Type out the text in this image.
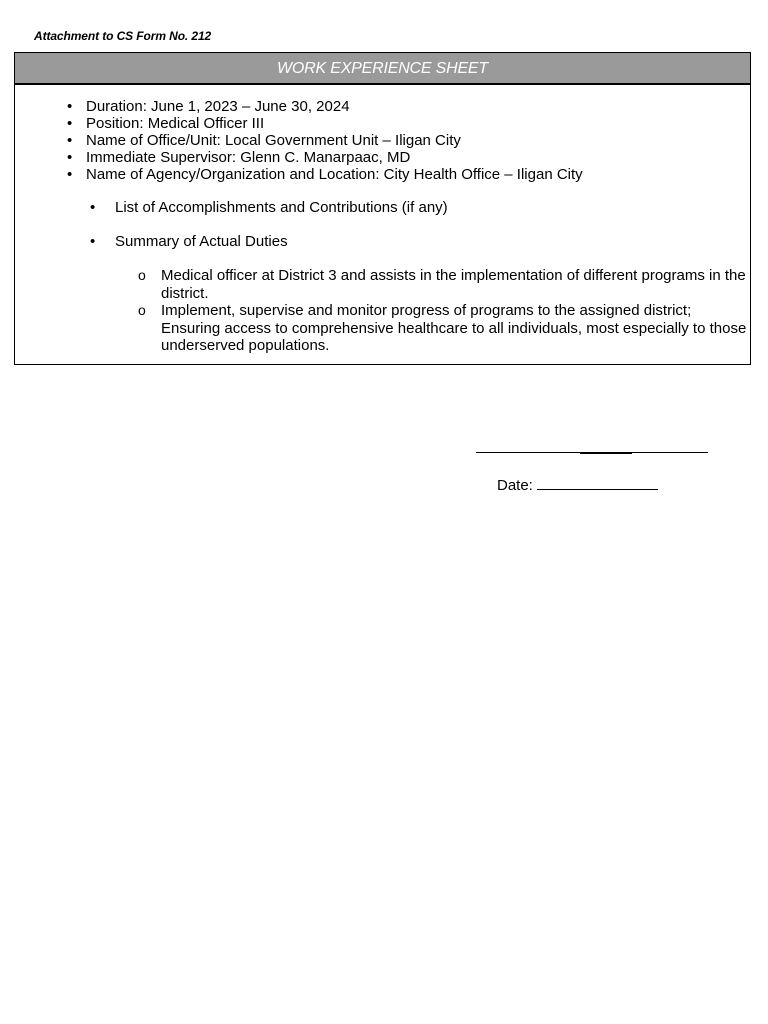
Attachment to CS Form No. 212
WORK EXPERIENCE SHEET
• Duration: June 1, 2023 – June 30, 2024
• Position: Medical Officer III
• Name of Office/Unit: Local Government Unit – Iligan City
• Immediate Supervisor: Glenn C. Manarpaac, MD
• Name of Agency/Organization and Location: City Health Office – Iligan City
•	List of Accomplishments and Contributions (if any)
•	Summary of Actual Duties
o Medical officer at District 3 and assists in the implementation of different programs in the district.
o Implement, supervise and monitor progress of programs to the assigned district; Ensuring access to comprehensive healthcare to all individuals, most especially to those underserved populations.
Date:
